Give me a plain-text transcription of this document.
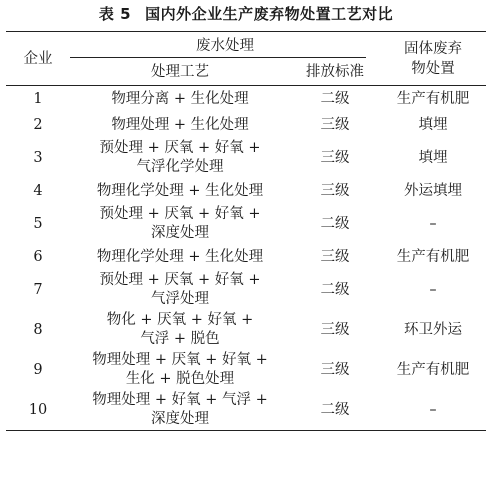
表 5 国内外企业生产废弃物处置工艺对比
企业	废水处理		固体废弃
物处置

	处理工艺	排放标准	
1	物理分离 + 生化处理	二级	生产有机肥
2	物理处理 + 生化处理	三级	填埋
3	预处理 + 厌氧 + 好氧 +
气浮化学处理	三级	填埋
4	物理化学处理 + 生化处理	三级	外运填埋
5	预处理 + 厌氧 + 好氧 +
深度处理	二级	–
6	物理化学处理 + 生化处理	三级	生产有机肥
7	预处理 + 厌氧 + 好氧 +
气浮处理	二级	–
8	物化 + 厌氧 + 好氧 +
气浮 + 脱色	三级	环卫外运
9	物理处理 + 厌氧 + 好氧 +
生化 + 脱色处理	三级	生产有机肥
10	物理处理 + 好氧 + 气浮 +
深度处理	二级	–
